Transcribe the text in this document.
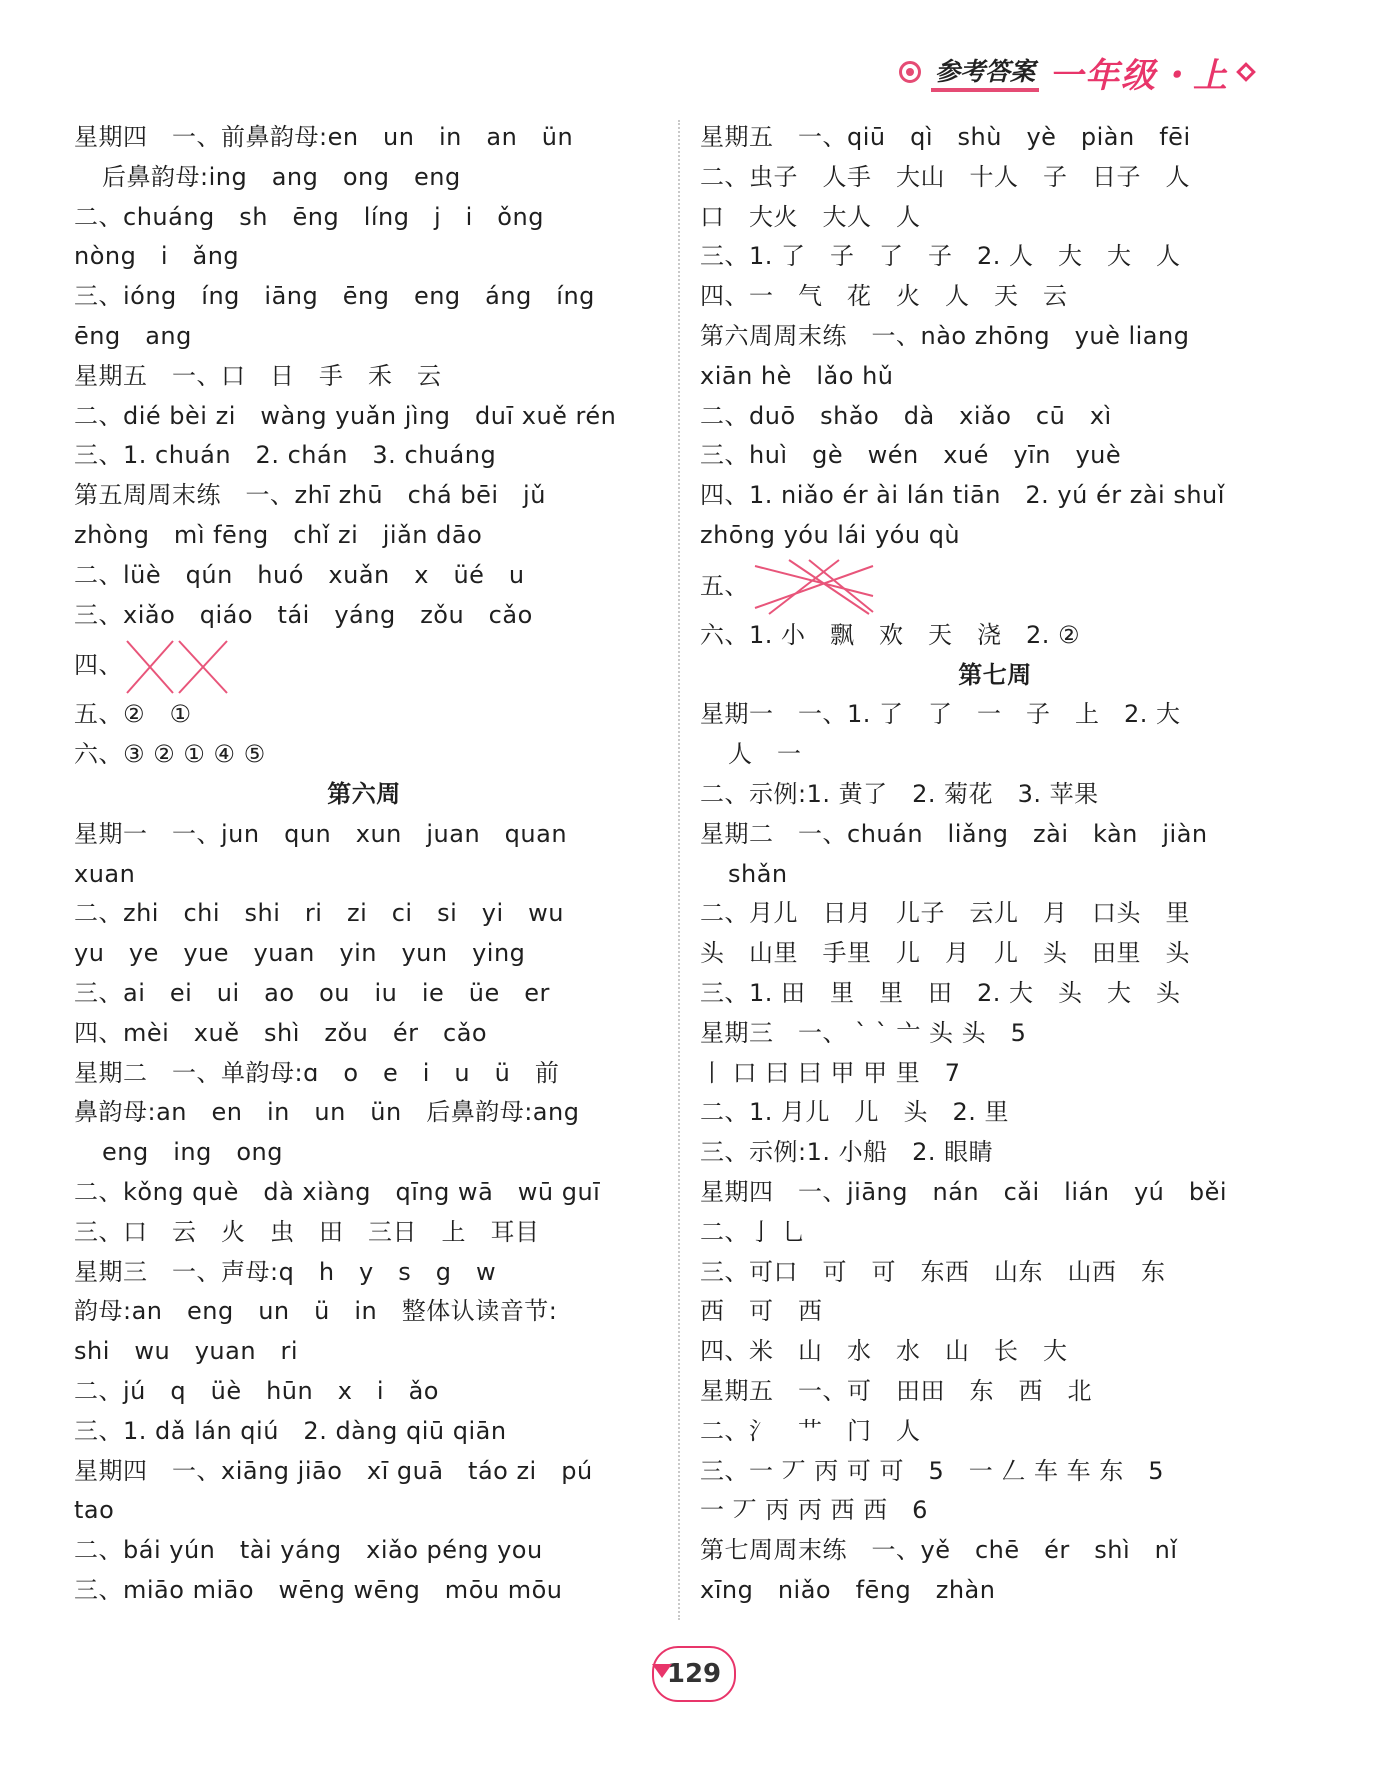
参考答案 一年级・上
星期四　一、前鼻韵母:en　un　in　an　ün
后鼻韵母:ing　ang　ong　eng
二、chuáng　sh　ēng　líng　j　i　ǒng
nòng　i　ǎng
三、ióng　íng　iāng　ēng　eng　áng　íng
ēng　ang
星期五　一、口　日　手　禾　云
二、dié bèi zi　wàng yuǎn jìng　duī xuě rén
三、1. chuán　2. chán　3. chuáng
第五周周末练　一、zhī zhū　chá bēi　jǔ
zhòng　mì fēng　chǐ zi　jiǎn dāo
二、lüè　qún　huó　xuǎn　x　üé　u
三、xiǎo　qiáo　tái　yáng　zǒu　cǎo
四、
五、②　①
六、③ ② ① ④ ⑤
第六周
星期一　一、jun　qun　xun　juan　quan
xuan
二、zhi　chi　shi　ri　zi　ci　si　yi　wu
yu　ye　yue　yuan　yin　yun　ying
三、ai　ei　ui　ao　ou　iu　ie　üe　er
四、mèi　xuě　shì　zǒu　ér　cǎo
星期二　一、单韵母:ɑ　o　e　i　u　ü　前
鼻韵母:an　en　in　un　ün　后鼻韵母:ang
eng　ing　ong
二、kǒng què　dà xiàng　qīng wā　wū guī
三、口　云　火　虫　田　三日　上　耳目
星期三　一、声母:q　h　y　s　g　w
韵母:an　eng　un　ü　in　整体认读音节:
shi　wu　yuan　ri
二、jú　q　üè　hūn　x　i　ǎo
三、1. dǎ lán qiú　2. dàng qiū qiān
星期四　一、xiāng jiāo　xī guā　táo zi　pú
tao
二、bái yún　tài yáng　xiǎo péng you
三、miāo miāo　wēng wēng　mōu mōu
星期五　一、qiū　qì　shù　yè　piàn　fēi
二、虫子　人手　大山　十人　子　日子　人
口　大火　大人　人
三、1. 了　子　了　子　2. 人　大　大　人
四、一　气　花　火　人　天　云
第六周周末练　一、nào zhōng　yuè liang
xiān hè　lǎo hǔ
二、duō　shǎo　dà　xiǎo　cū　xì
三、huì　gè　wén　xué　yīn　yuè
四、1. niǎo ér ài lán tiān　2. yú ér zài shuǐ
zhōng yóu lái yóu qù
五、
六、1. 小　飘　欢　天　浇　2. ②
第七周
星期一　一、1. 了　了　一　子　上　2. 大
人　一
二、示例:1. 黄了　2. 菊花　3. 苹果
星期二　一、chuán　liǎng　zài　kàn　jiàn
shǎn
二、月儿　日月　儿子　云儿　月　口头　里
头　山里　手里　儿　月　儿　头　田里　头
三、1. 田　里　里　田　2. 大　头　大　头
星期三　一、 ` ` 亠 头 头　5
丨 口 曰 曰 甲 甲 里　7
二、1. 月儿　儿　头　2. 里
三、示例:1. 小船　2. 眼睛
星期四　一、jiāng　nán　cǎi　lián　yú　běi
二、亅 乚
三、可口　可　可　东西　山东　山西　东
西　可　西
四、米　山　水　水　山　长　大
星期五　一、可　田田　东　西　北
二、氵　艹　门　人
三、一 丆 丙 可 可　5　一 𠃋 车 车 东　5
一 丆 丙 丙 西 西　6
第七周周末练　一、yě　chē　ér　shì　nǐ
xīng　niǎo　fēng　zhàn
129
